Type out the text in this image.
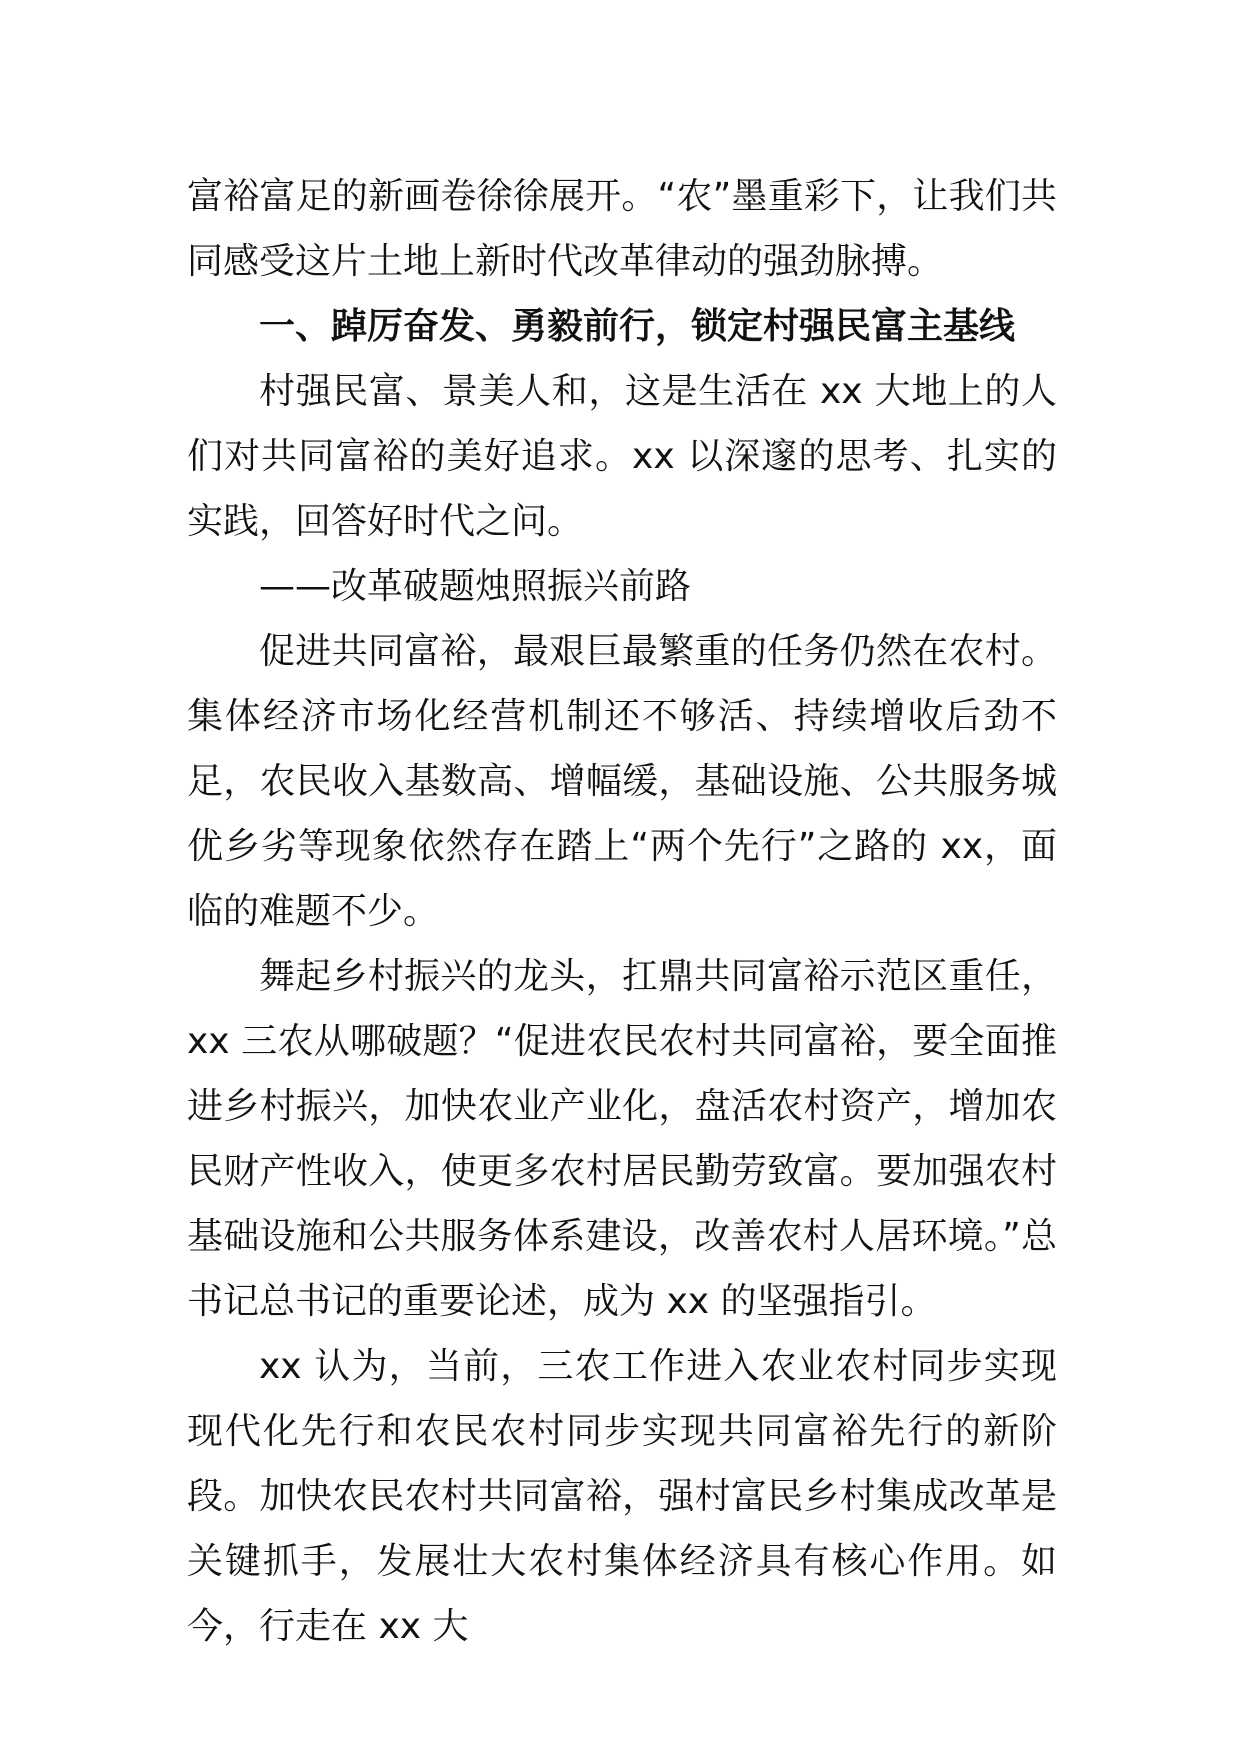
富裕富足的新画卷徐徐展开。“农”墨重彩下，让我们共同感受这片土地上新时代改革律动的强劲脉搏。

一、踔厉奋发、勇毅前行，锁定村强民富主基线

村强民富、景美人和，这是生活在 xx 大地上的人们对共同富裕的美好追求。xx 以深邃的思考、扎实的实践，回答好时代之问。

——改革破题烛照振兴前路

促进共同富裕，最艰巨最繁重的任务仍然在农村。集体经济市场化经营机制还不够活、持续增收后劲不足，农民收入基数高、增幅缓，基础设施、公共服务城优乡劣等现象依然存在踏上“两个先行”之路的 xx，面临的难题不少。

舞起乡村振兴的龙头，扛鼎共同富裕示范区重任，xx 三农从哪破题？“促进农民农村共同富裕，要全面推进乡村振兴，加快农业产业化，盘活农村资产，增加农民财产性收入，使更多农村居民勤劳致富。要加强农村基础设施和公共服务体系建设，改善农村人居环境。”总书记总书记的重要论述，成为 xx 的坚强指引。

xx 认为，当前，三农工作进入农业农村同步实现现代化先行和农民农村同步实现共同富裕先行的新阶段。加快农民农村共同富裕，强村富民乡村集成改革是关键抓手，发展壮大农村集体经济具有核心作用。如今，行走在 xx 大
